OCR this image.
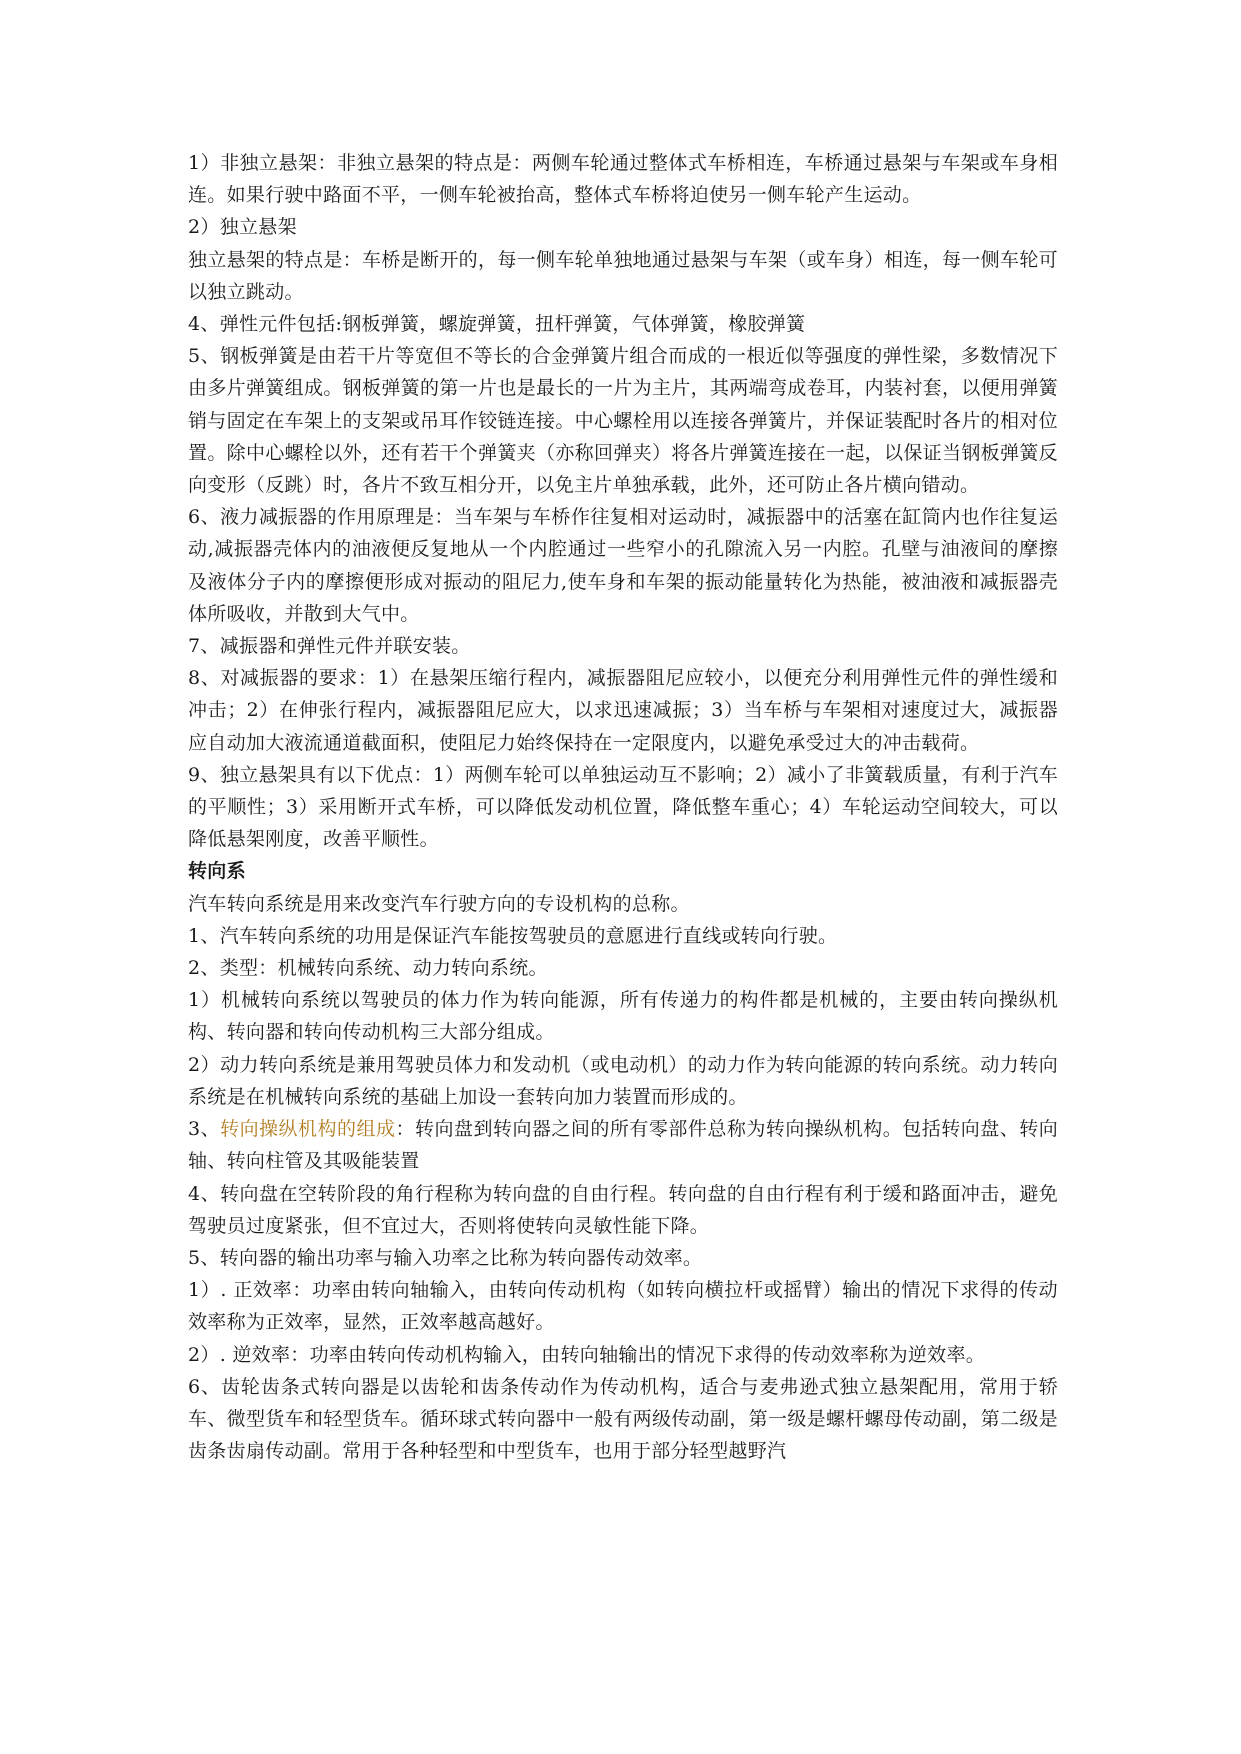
1）非独立悬架：非独立悬架的特点是：两侧车轮通过整体式车桥相连，车桥通过悬架与车架或车身相连。如果行驶中路面不平，一侧车轮被抬高，整体式车桥将迫使另一侧车轮产生运动。

2）独立悬架

独立悬架的特点是：车桥是断开的，每一侧车轮单独地通过悬架与车架（或车身）相连，每一侧车轮可以独立跳动。

4、弹性元件包括:钢板弹簧，螺旋弹簧，扭杆弹簧，气体弹簧，橡胶弹簧

5、钢板弹簧是由若干片等宽但不等长的合金弹簧片组合而成的一根近似等强度的弹性梁，多数情况下由多片弹簧组成。钢板弹簧的第一片也是最长的一片为主片，其两端弯成卷耳，内装衬套，以便用弹簧销与固定在车架上的支架或吊耳作铰链连接。中心螺栓用以连接各弹簧片，并保证装配时各片的相对位置。除中心螺栓以外，还有若干个弹簧夹（亦称回弹夹）将各片弹簧连接在一起，以保证当钢板弹簧反向变形（反跳）时，各片不致互相分开，以免主片单独承载，此外，还可防止各片横向错动。

6、液力减振器的作用原理是：当车架与车桥作往复相对运动时，减振器中的活塞在缸筒内也作往复运动,减振器壳体内的油液便反复地从一个内腔通过一些窄小的孔隙流入另一内腔。孔壁与油液间的摩擦及液体分子内的摩擦便形成对振动的阻尼力,使车身和车架的振动能量转化为热能，被油液和减振器壳体所吸收，并散到大气中。

7、减振器和弹性元件并联安装。

8、对减振器的要求：1）在悬架压缩行程内，减振器阻尼应较小，以便充分利用弹性元件的弹性缓和冲击；2）在伸张行程内，减振器阻尼应大，以求迅速减振；3）当车桥与车架相对速度过大，减振器应自动加大液流通道截面积，使阻尼力始终保持在一定限度内，以避免承受过大的冲击载荷。

9、独立悬架具有以下优点：1）两侧车轮可以单独运动互不影响；2）减小了非簧载质量，有利于汽车的平顺性；3）采用断开式车桥，可以降低发动机位置，降低整车重心；4）车轮运动空间较大，可以降低悬架刚度，改善平顺性。

转向系

汽车转向系统是用来改变汽车行驶方向的专设机构的总称。

1、汽车转向系统的功用是保证汽车能按驾驶员的意愿进行直线或转向行驶。

2、类型：机械转向系统、动力转向系统。

1）机械转向系统以驾驶员的体力作为转向能源，所有传递力的构件都是机械的，主要由转向操纵机构、转向器和转向传动机构三大部分组成。

2）动力转向系统是兼用驾驶员体力和发动机（或电动机）的动力作为转向能源的转向系统。动力转向系统是在机械转向系统的基础上加设一套转向加力装置而形成的。

3、转向操纵机构的组成：转向盘到转向器之间的所有零部件总称为转向操纵机构。包括转向盘、转向轴、转向柱管及其吸能装置

4、转向盘在空转阶段的角行程称为转向盘的自由行程。转向盘的自由行程有利于缓和路面冲击，避免驾驶员过度紧张，但不宜过大，否则将使转向灵敏性能下降。

5、转向器的输出功率与输入功率之比称为转向器传动效率。

1）. 正效率：功率由转向轴输入，由转向传动机构（如转向横拉杆或摇臂）输出的情况下求得的传动效率称为正效率，显然，正效率越高越好。

2）. 逆效率：功率由转向传动机构输入，由转向轴输出的情况下求得的传动效率称为逆效率。

6、齿轮齿条式转向器是以齿轮和齿条传动作为传动机构，适合与麦弗逊式独立悬架配用，常用于轿车、微型货车和轻型货车。循环球式转向器中一般有两级传动副，第一级是螺杆螺母传动副，第二级是齿条齿扇传动副。常用于各种轻型和中型货车，也用于部分轻型越野汽
